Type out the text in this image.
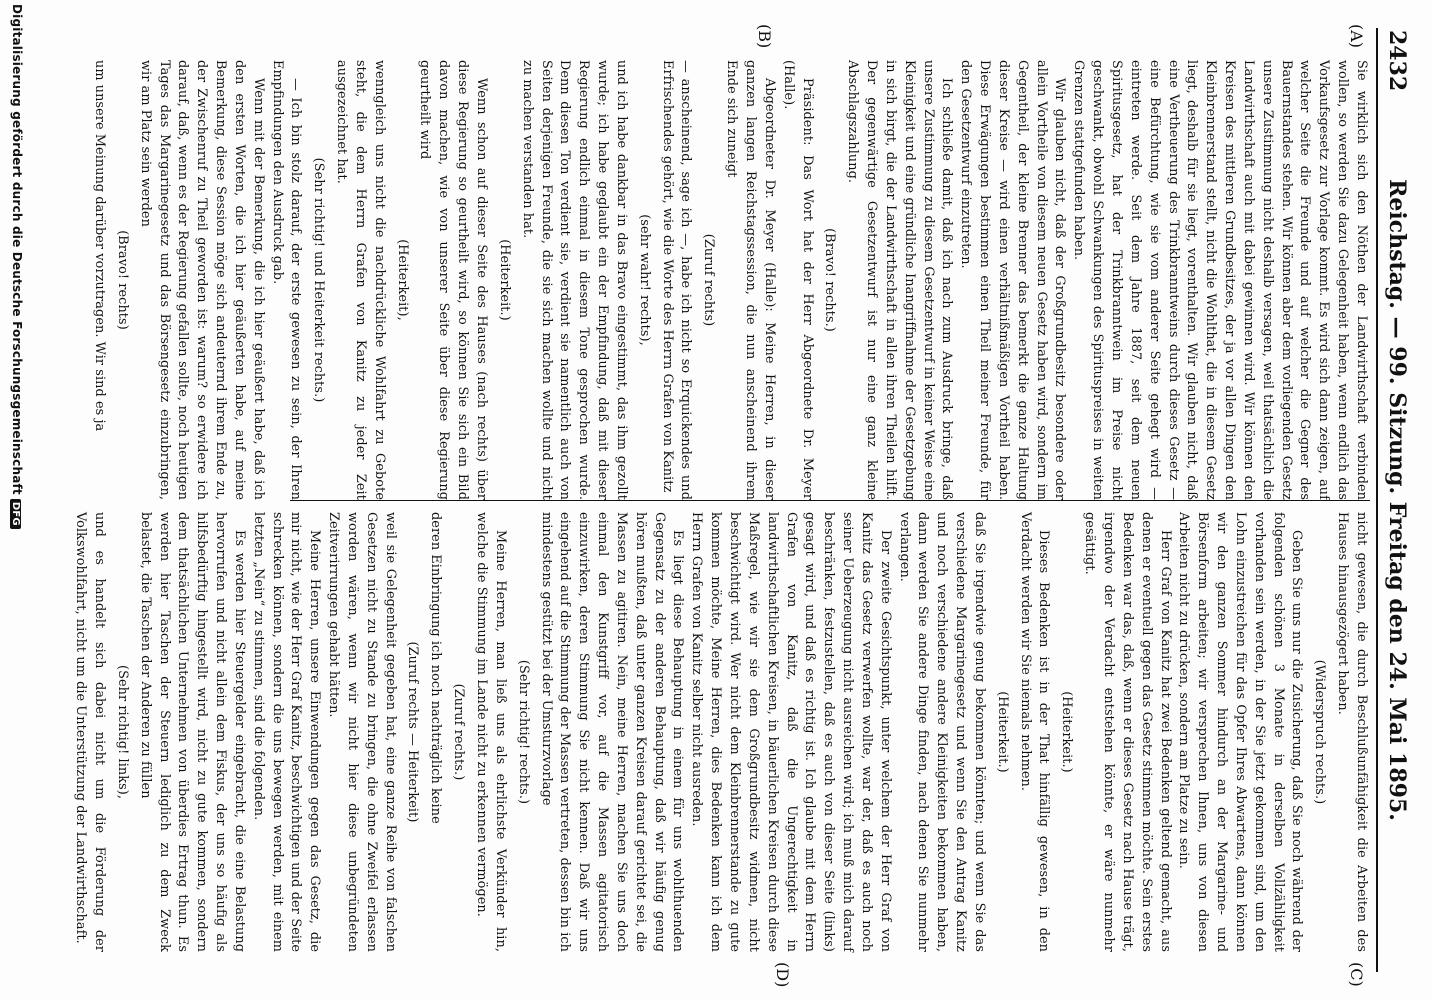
2432
Reichstag. — 99. Sitzung. Freitag den 24. Mai 1895.
(A)
(B)
(C)
(D)

Sie wirklich sich den Nöthen der Landwirthschaft verbinden wollen, so werden Sie dazu Gelegenheit haben, wenn endlich das Vorkaufsgesetz zur Vorlage kommt. Es wird sich dann zeigen, auf welcher Seite die Freunde und auf welcher die Gegner des Bauernstandes stehen. Wir können aber dem vorliegenden Gesetz unsere Zustimmung nicht deshalb versagen, weil thatsächlich die Landwirthschaft auch mit dabei gewinnen wird. Wir können den Kreisen des mittleren Grundbesitzes, der ja vor allen Dingen den Kleinbrennerstand stellt, nicht die Wohlthat, die in diesem Gesetz liegt, deshalb für sie liegt, vorenthalten. Wir glauben nicht, daß eine Vertheuerung des Trinkbranntweins durch dieses Gesetz — eine Befürchtung, wie sie vom anderer Seite gehegt wird — eintreten werde. Seit dem Jahre 1887, seit dem neuen Spiritusgesetz, hat der Trinkbranntwein im Preise nicht geschwankt, obwohl Schwankungen des Spirituspreises in weiten Grenzen stattgefunden haben.

Wir glauben nicht, daß der Großgrundbesitz besondere oder allein Vortheile von diesem neuen Gesetz haben wird, sondern im Gegentheil, der kleine Brenner das bemerkt die ganze Haltung dieser Kreise — wird einen verhältnißmäßigen Vortheil haben. Diese Erwägungen bestimmen einen Theil meiner Freunde, für den Gesetzentwurf einzutreten.

Ich schließe damit, daß ich nach zum Ausdruck bringe, daß unsere Zustimmung zu diesem Gesetzentwurf in keiner Weise eine Kleinigkeit und eine gründliche Inangriffnahme der Gesetzgebung in sich birgt, die der Landwirthschaft in allen ihren Theilen hilft. Der gegenwärtige Gesetzentwurf ist nur eine ganz kleine Abschlagszahlung.

(Bravo! rechts.)

Präsident: Das Wort hat der Herr Abgeordnete Dr. Meyer (Halle).

Abgeordneter Dr. Meyer (Halle): Meine Herren, in dieser ganzen langen Reichstagssession, die nun anscheinend ihrem Ende sich zuneigt

(Zuruf rechts)

— anscheinend, sage ich —, habe ich nicht so Erquickendes und Erfrischendes gehört, wie die Worte des Herrn Grafen von Kanitz

(sehr wahr! rechts),

und ich habe dankbar in das Bravo eingestimmt, das ihm gezollt wurde; ich habe geglaubt ein der Empfindung, daß mit dieser Regierung endlich einmal in diesem Tone gesprochen wurde. Denn diesen Ton verdient sie, verdient sie namentlich auch von Seiten derjenigen Freunde, die sie sich machen wollte und nicht zu machen verstanden hat.

(Heiterkeit.)

Wenn schon auf dieser Seite des Hauses (nach rechts) über diese Regierung so geurtheilt wird, so können Sie sich ein Bild davon machen, wie von unserer Seite über diese Regierung geurtheilt wird

(Heiterkeit),

wenngleich uns nicht die nachdrückliche Wohlfahrt zu Gebote steht, die dem Herrn Grafen von Kanitz zu jeder Zeit ausgezeichnet hat.

(Sehr richtig! und Heiterkeit rechts.)

— Ich bin stolz darauf, der erste gewesen zu sein, der Ihren Empfindungen den Ausdruck gab.

Wenn mit der Bemerkung, die ich hier geäußert habe, daß ich den ersten Worten, die ich hier geäußerten habe, auf meine Bemerkung, diese Session möge sich andeuternd ihrem Ende zu, der Zwischenruf zu Theil geworden ist: warum? so erwidere ich darauf, daß, wenn es der Regierung gefallen sollte, noch heutigen Tages das Margarinegesetz und das Börsengesetz einzubringen, wir am Platz sein werden

(Bravo! rechts)

um unsere Meinung darüber vorzutragen. Wir sind es ja

nicht gewesen, die durch Beschlußunfähigkeit die Arbeiten des Hauses hinausgezögert haben.

(Widerspruch rechts.)

Geben Sie uns nur die Zusicherung, daß Sie noch während der folgenden schönen 3 Monate in derselben Vollzähligkeit vorhanden sein werden, in der Sie jetzt gekommen sind, um den Lohn einzustreichen für das Opfer Ihres Abwartens, dann können wir den ganzen Sommer hindurch an der Margarine- und Börsenform arbeiten; wir versprechen Ihnen, uns von diesen Arbeiten nicht zu drücken, sondern am Platze zu sein.

Herr Graf von Kanitz hat zwei Bedenken geltend gemacht, aus denen er eventuell gegen das Gesetz stimmen möchte. Sein erstes Bedenken war das, daß, wenn er dieses Gesetz nach Hause trägt, irgendwo der Verdacht entstehen könnte, er wäre nunmehr gesättigt.

(Heiterkeit.)

Dieses Bedenken ist in der That hinfällig gewesen, in den Verdacht werden wir Sie niemals nehmen.

(Heiterkeit.)

daß Sie irgendwie genug bekommen könnten; und wenn Sie das verschiedene Margarinegesetz und wenn Sie den Antrag Kanitz und noch verschiedene andere Kleinigkeiten bekommen haben, dann werden Sie andere Dinge finden, nach denen Sie nunmehr verlangen.

Der zweite Gesichtspunkt, unter welchem der Herr Graf von Kanitz das Gesetz verwerfen wollte, war der, daß es auch noch seiner Ueberzeugung nicht ausreichen wird; ich muß mich darauf beschränken, festzustellen, daß es auch von dieser Seite (links) gesagt wird, und daß es richtig ist. Ich glaube mit dem Herrn Grafen von Kanitz, daß die Ungerechtigkeit in landwirthschaftlichen Kreisen, in bäuerlichen Kreisen durch diese Maßregel, wie wir sie dem Großgrundbesitz widmen, nicht beschwichtigt wird. Wer nicht dem Kleinbrennerstande zu gute kommen möchte, Meine Herren, dies Bedenken kann ich dem Herrn Grafen von Kanitz selber nicht ausreden.

Es liegt diese Behauptung in einem für uns wohlthuenden Gegensatz zu der anderen Behauptung, daß wir häufig genug hören mußten, daß unter ganzen Kreisen darauf gerichtet sei, die Massen zu agitiren. Nein, meine Herren, machen Sie uns doch einmal den Kunstgriff vor, auf die Massen agitatorisch einzuwirken, deren Stimmung Sie nicht kennen. Daß wir uns eingehend auf die Stimmung der Massen vertreten, dessen bin ich mindestens gestützt bei der Umsturzvorlage

(Sehr richtig! rechts.)

Meine Herren, man ließ uns als ehrlichste Verkünder hin, welche die Stimmung im Lande nicht zu erkennen vermögen.

(Zuruf rechts.)

deren Einbringung ich noch nachträglich keine

(Zuruf rechts — Heiterkeit)

weil sie Gelegenheit gegeben hat, eine ganze Reihe von falschen Gesetzen nicht zu Stande zu bringen, die ohne Zweifel erlassen worden wären, wenn wir nicht hier diese unbegründeten Zeitverirrungen gehabt hätten.

Meine Herren, unsere Einwendungen gegen das Gesetz, die mir nicht, wie der Herr Graf Kanitz, beschwichtigen und der Seite schrecken können, sondern die uns bewegen werden, mit einem letzten „Nein“ zu stimmen, sind die folgenden.

Es werden hier Steuergelder eingebracht, die eine Belastung hervorrufen und nicht allein dem Fiskus, der uns so häufig als hilfsbedürftig hingestellt wird, nicht zu gute kommen, sondern dem thatsächlichen Unternehmen von überdies Ertrag thun. Es werden hier Taschen der Steuern lediglich zu dem Zweck belastet, die Taschen der Anderen zu füllen

(Sehr richtig! links),

und es handelt sich dabei nicht um die Förderung der Volkswohlfahrt, nicht um die Unterstützung der Landwirthschaft.

Digitalisierung gefördert durch die Deutsche ForschungsgemeinschaftDFG
